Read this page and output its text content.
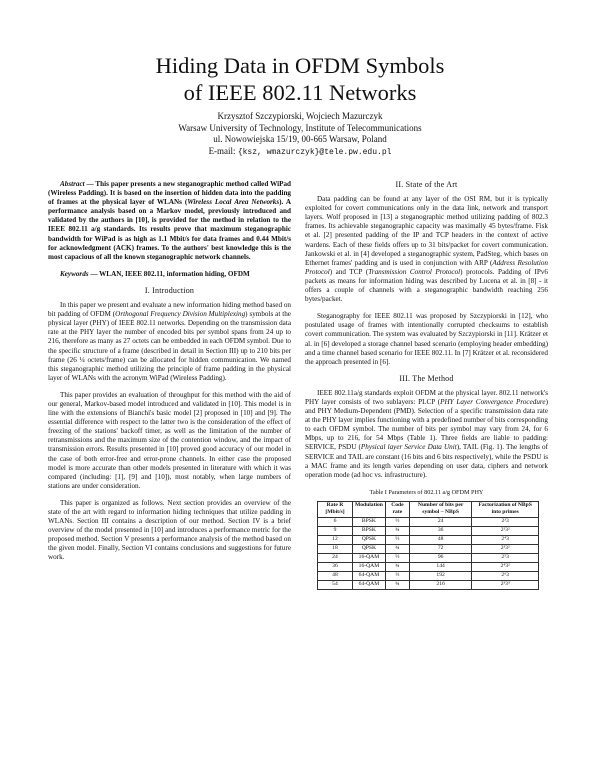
Hiding Data in OFDM Symbols
of IEEE 802.11 Networks
Krzysztof Szczypiorski, Wojciech Mazurczyk
Warsaw University of Technology, Institute of Telecommunications
ul. Nowowiejska 15/19, 00-665 Warsaw, Poland
E-mail: {ksz, wmazurczyk}@tele.pw.edu.pl

Abstract — This paper presents a new steganographic method called WiPad (Wireless Padding). It is based on the insertion of hidden data into the padding of frames at the physical layer of WLANs (Wireless Local Area Networks). A performance analysis based on a Markov model, previously introduced and validated by the authors in [10], is provided for the method in relation to the IEEE 802.11 a/g standards. Its results prove that maximum steganographic bandwidth for WiPad is as high as 1.1 Mbit/s for data frames and 0.44 Mbit/s for acknowledgment (ACK) frames. To the authors' best knowledge this is the most capacious of all the known steganographic network channels.

Keywords — WLAN, IEEE 802.11, information hiding, OFDM

I. Introduction

In this paper we present and evaluate a new information hiding method based on bit padding of OFDM (Orthogonal Frequency Division Multiplexing) symbols at the physical layer (PHY) of IEEE 802.11 networks. Depending on the transmission data rate at the PHY layer the number of encoded bits per symbol spans from 24 up to 216, therefore as many as 27 octets can be embedded in each OFDM symbol. Due to the specific structure of a frame (described in detail in Section III) up to 210 bits per frame (26 ¼ octets/frame) can be allocated for hidden communication. We named this steganographic method utilizing the principle of frame padding in the physical layer of WLANs with the acronym WiPad (Wireless Padding).

This paper provides an evaluation of throughput for this method with the aid of our general, Markov-based model introduced and validated in [10]. This model is in line with the extensions of Bianchi's basic model [2] proposed in [10] and [9]. The essential difference with respect to the latter two is the consideration of the effect of freezing of the stations' backoff timer, as well as the limitation of the number of retransmissions and the maximum size of the contention window, and the impact of transmission errors. Results presented in [10] proved good accuracy of our model in the case of both error-free and error-prone channels. In either case the proposed model is more accurate than other models presented in literature with which it was compared (including: [1], [9] and [10]), most notably, when large numbers of stations are under consideration.

This paper is organized as follows. Next section provides an overview of the state of the art with regard to information hiding techniques that utilize padding in WLANs. Section III contains a description of our method. Section IV is a brief overview of the model presented in [10] and introduces a performance metric for the proposed method. Section V presents a performance analysis of the method based on the given model. Finally, Section VI contains conclusions and suggestions for future work.

II. State of the Art

Data padding can be found at any layer of the OSI RM, but it is typically exploited for covert communications only in the data link, network and transport layers. Wolf proposed in [13] a steganographic method utilizing padding of 802.3 frames. Its achievable steganographic capacity was maximally 45 bytes/frame. Fisk et al. [2] presented padding of the IP and TCP headers in the context of active wardens. Each of these fields offers up to 31 bits/packet for covert communication. Jankowski et al. in [4] developed a steganographic system, PadSteg, which bases on Ethernet frames' padding and is used in conjunction with ARP (Address Resolution Protocol) and TCP (Transmission Control Protocol) protocols. Padding of IPv6 packets as means for information hiding was described by Lucena et al. in [8] - it offers a couple of channels with a steganographic bandwidth reaching 256 bytes/packet.

Steganography for IEEE 802.11 was proposed by Szczypiorski in [12], who postulated usage of frames with intentionally corrupted checksums to establish covert communication. The system was evaluated by Szczypiorski in [11]. Krätzer et al. in [6] developed a storage channel based scenario (employing header embedding) and a time channel based scenario for IEEE 802.11. In [7] Krätzer et al. reconsidered the approach presented in [6].

III. The Method

IEEE 802.11a/g standards exploit OFDM at the physical layer. 802.11 network's PHY layer consists of two sublayers: PLCP (PHY Layer Convergence Procedure) and PHY Medium-Dependent (PMD). Selection of a specific transmission data rate at the PHY layer implies functioning with a predefined number of bits corresponding to each OFDM symbol. The number of bits per symbol may vary from 24, for 6 Mbps, up to 216, for 54 Mbps (Table 1). Three fields are liable to padding: SERVICE, PSDU (Physical layer Service Data Unit), TAIL (Fig. 1). The lengths of SERVICE and TAIL are constant (16 bits and 6 bits respectively), while the PSDU is a MAC frame and its length varies depending on user data, ciphers and network operation mode (ad hoc vs. infrastructure).

Table I Parameters of 802.11 a/g OFDM PHY
Rate R [Mbit/s]	Modulation	Code rate	Number of bits per symbol – NBpS	Factorization of NBpS into primes
6	BPSK	½	24	2³3
9	BPSK	¾	36	2²3²
12	QPSK	½	48	2⁴3
18	QPSK	¾	72	2³3²
24	16-QAM	½	96	2⁵3
36	16-QAM	¾	144	2⁴3²
48	64-QAM	⅔	192	2⁶3
54	64-QAM	¾	216	2³3³
